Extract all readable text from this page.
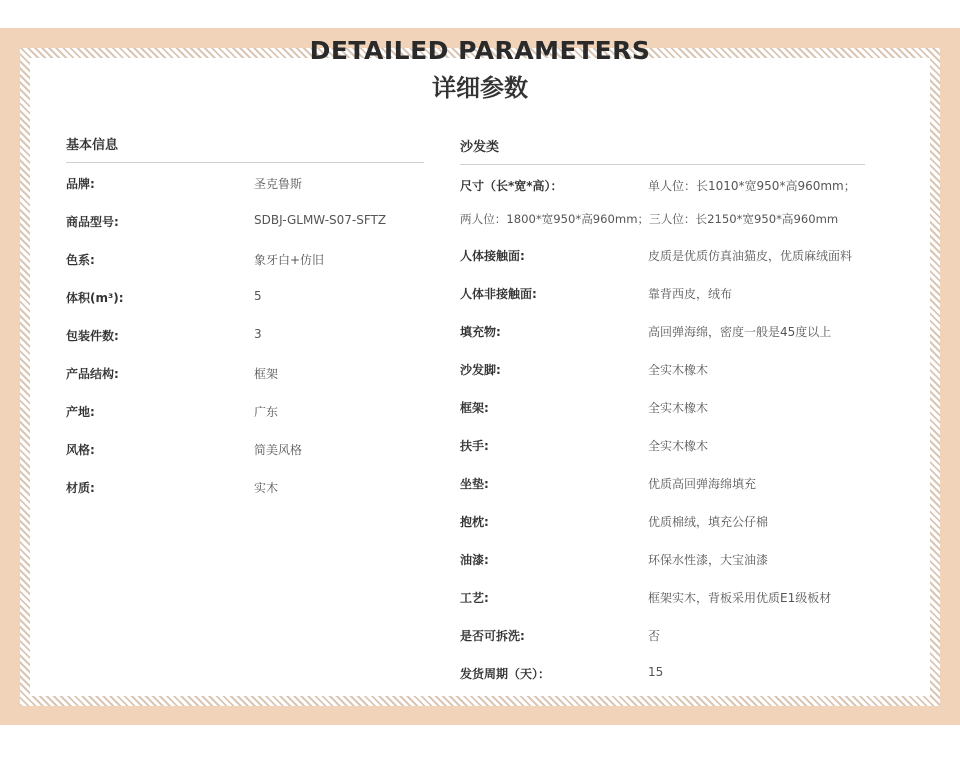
DETAILED PARAMETERS
详细参数
基本信息
品牌:	圣克鲁斯
商品型号:	SDBJ-GLMW-S07-SFTZ
色系:	象牙白+仿旧
体积(m³):	5
包装件数:	3
产品结构:	框架
产地:	广东
风格:	简美风格
材质:	实木
沙发类
尺寸（长*宽*高）：	单人位：长1010*宽950*高960mm；
两人位：1800*宽950*高960mm；三人位：长2150*宽950*高960mm
人体接触面:	皮质是优质仿真油猫皮，优质麻绒面料
人体非接触面:	靠背西皮，绒布
填充物:	高回弹海绵，密度一般是45度以上
沙发脚:	全实木橡木
框架:	全实木橡木
扶手:	全实木橡木
坐垫:	优质高回弹海绵填充
抱枕:	优质棉绒，填充公仔棉
油漆:	环保水性漆，大宝油漆
工艺:	框架实木，背板采用优质E1级板材
是否可拆洗:	否
发货周期（天）：	15
